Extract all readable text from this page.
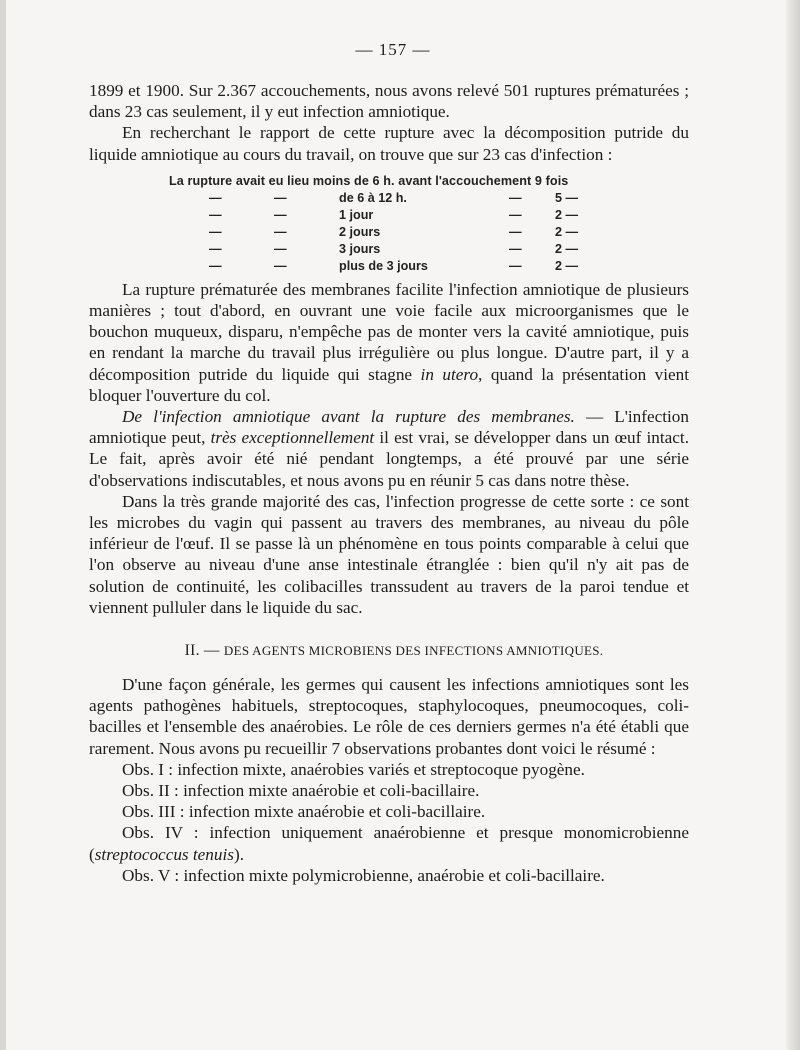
— 157 —

1899 et 1900. Sur 2.367 accouchements, nous avons relevé 501 ruptures prématurées ; dans 23 cas seulement, il y eut infection amniotique.

En recherchant le rapport de cette rupture avec la décomposition putride du liquide amniotique au cours du travail, on trouve que sur 23 cas d'infection :

La rupture avait eu lieu moins de 6 h. avant l'accouchement 9 fois
—	—	de 6 à 12 h.	—	5 —
—	—	1 jour	—	2 —
—	—	2 jours	—	2 —
—	—	3 jours	—	2 —
—	—	plus de 3 jours	—	2 —

La rupture prématurée des membranes facilite l'infection amniotique de plusieurs manières ; tout d'abord, en ouvrant une voie facile aux microorganismes que le bouchon muqueux, disparu, n'empêche pas de monter vers la cavité amniotique, puis en rendant la marche du travail plus irrégulière ou plus longue. D'autre part, il y a décomposition putride du liquide qui stagne in utero, quand la présentation vient bloquer l'ouverture du col.

De l'infection amniotique avant la rupture des membranes. — L'infection amniotique peut, très exceptionnellement il est vrai, se développer dans un œuf intact. Le fait, après avoir été nié pendant longtemps, a été prouvé par une série d'observations indiscutables, et nous avons pu en réunir 5 cas dans notre thèse.

Dans la très grande majorité des cas, l'infection progresse de cette sorte : ce sont les microbes du vagin qui passent au travers des membranes, au niveau du pôle inférieur de l'œuf. Il se passe là un phénomène en tous points comparable à celui que l'on observe au niveau d'une anse intestinale étranglée : bien qu'il n'y ait pas de solution de continuité, les colibacilles transsudent au travers de la paroi tendue et viennent pulluler dans le liquide du sac.

II. — DES AGENTS MICROBIENS DES INFECTIONS AMNIOTIQUES.

D'une façon générale, les germes qui causent les infections amniotiques sont les agents pathogènes habituels, streptocoques, staphylocoques, pneumocoques, coli-bacilles et l'ensemble des anaérobies. Le rôle de ces derniers germes n'a été établi que rarement. Nous avons pu recueillir 7 observations probantes dont voici le résumé :

Obs. I : infection mixte, anaérobies variés et streptocoque pyogène.

Obs. II : infection mixte anaérobie et coli-bacillaire.

Obs. III : infection mixte anaérobie et coli-bacillaire.

Obs. IV : infection uniquement anaérobienne et presque monomicrobienne (streptococcus tenuis).

Obs. V : infection mixte polymicrobienne, anaérobie et coli-bacillaire.
